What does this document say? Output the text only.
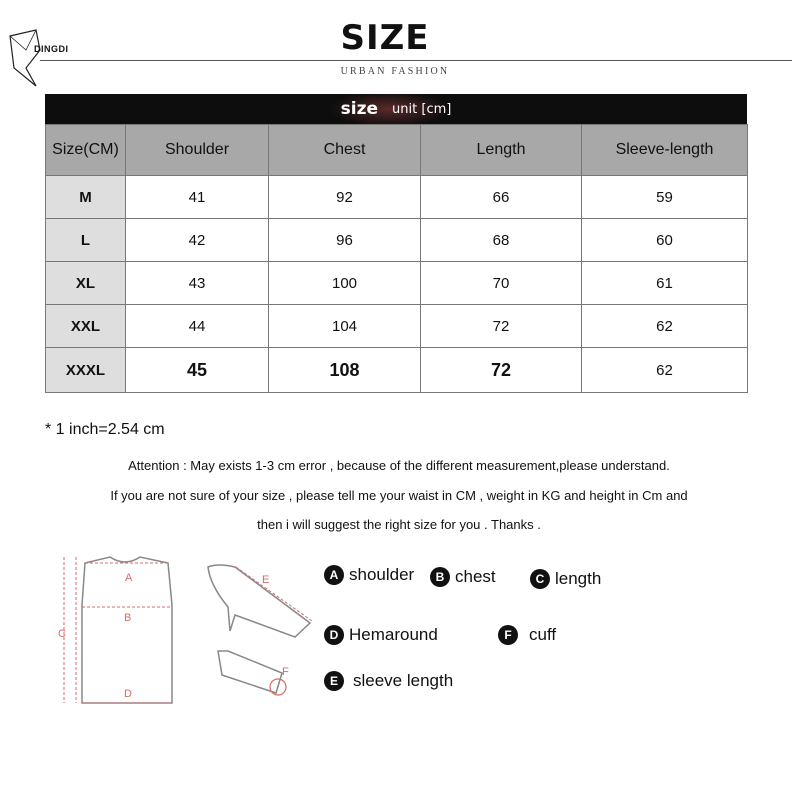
DINGDI	SIZE
URBAN FASHION
size unit [cm]
Size(CM)	Shoulder	Chest	Length	Sleeve-length
M	41	92	66	59
L	42	96	68	60
XL	43	100	70	61
XXL	44	104	72	62
XXXL	45	108	72	62
* 1 inch=2.54 cm
Attention : May exists 1-3 cm error , because of the different measurement,please understand.
If you are not sure of your size , please tell me your waist in CM , weight in KG and height in Cm and
then i will suggest the right size for you . Thanks .
A
B
C
D
E
F
A shoulder	B chest	C length
D Hemaround	F	cuff
E sleeve length
